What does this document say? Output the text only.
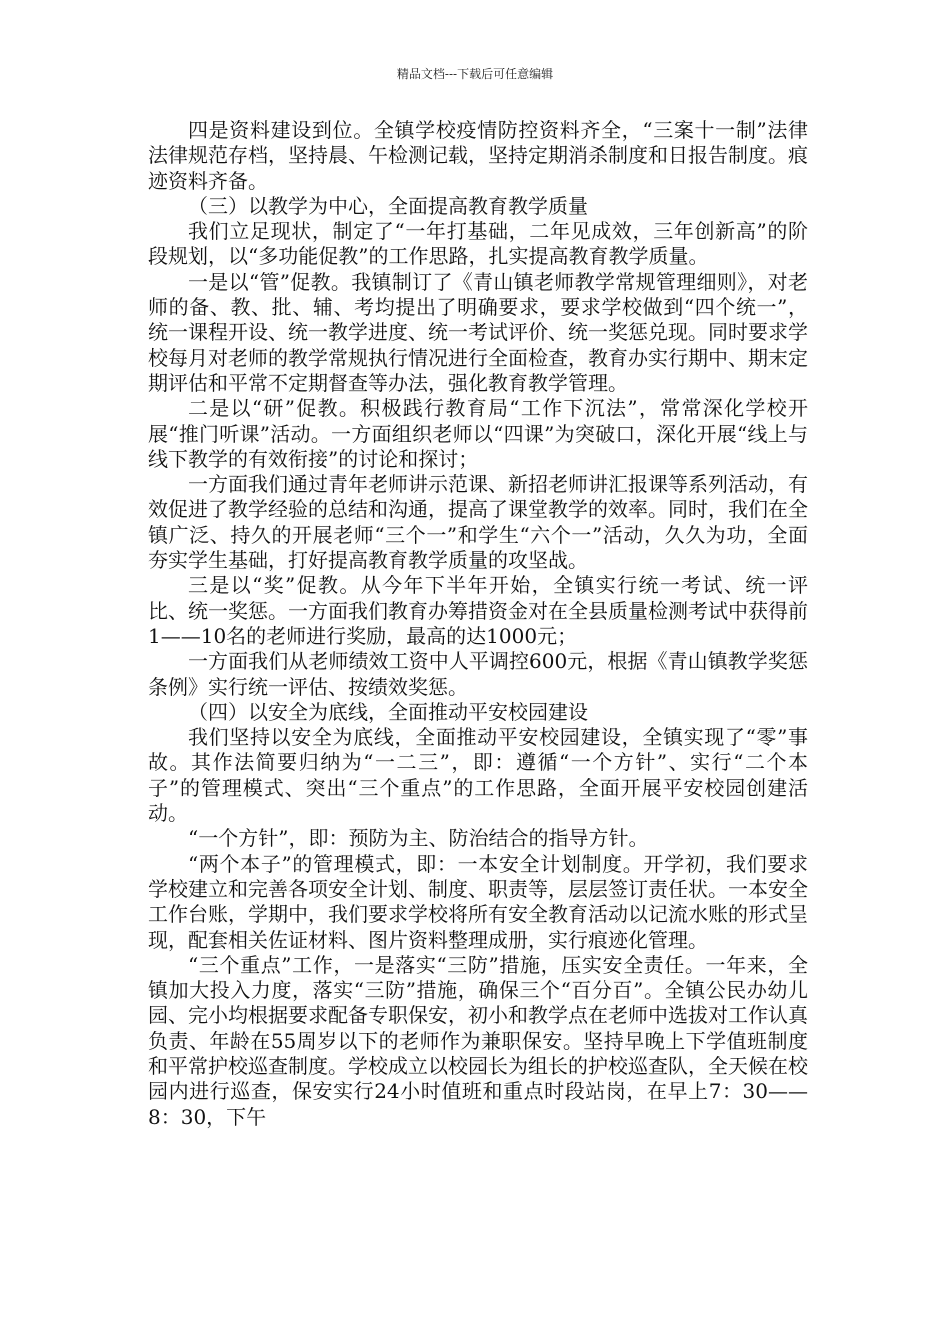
精品文档---下载后可任意编辑

四是资料建设到位。全镇学校疫情防控资料齐全，“三案十一制”法律法律规范存档，坚持晨、午检测记载，坚持定期消杀制度和日报告制度。痕迹资料齐备。

（三）以教学为中心，全面提高教育教学质量

我们立足现状，制定了“一年打基础，二年见成效，三年创新高”的阶段规划，以“多功能促教”的工作思路，扎实提高教育教学质量。

一是以“管”促教。我镇制订了《青山镇老师教学常规管理细则》，对老师的备、教、批、辅、考均提出了明确要求，要求学校做到“四个统一”，统一课程开设、统一教学进度、统一考试评价、统一奖惩兑现。同时要求学校每月对老师的教学常规执行情况进行全面检查，教育办实行期中、期末定期评估和平常不定期督查等办法，强化教育教学管理。

二是以“研”促教。积极践行教育局“工作下沉法”，常常深化学校开展“推门听课”活动。一方面组织老师以“四课”为突破口，深化开展“线上与线下教学的有效衔接”的讨论和探讨；

一方面我们通过青年老师讲示范课、新招老师讲汇报课等系列活动，有效促进了教学经验的总结和沟通，提高了课堂教学的效率。同时，我们在全镇广泛、持久的开展老师“三个一”和学生“六个一”活动，久久为功，全面夯实学生基础，打好提高教育教学质量的攻坚战。

三是以“奖”促教。从今年下半年开始，全镇实行统一考试、统一评比、统一奖惩。一方面我们教育办筹措资金对在全县质量检测考试中获得前1——10名的老师进行奖励，最高的达1000元；

一方面我们从老师绩效工资中人平调控600元，根据《青山镇教学奖惩条例》实行统一评估、按绩效奖惩。

（四）以安全为底线，全面推动平安校园建设

我们坚持以安全为底线，全面推动平安校园建设，全镇实现了“零”事故。其作法简要归纳为“一二三”，即：遵循“一个方针”、实行“二个本子”的管理模式、突出“三个重点”的工作思路，全面开展平安校园创建活动。

“一个方针”，即：预防为主、防治结合的指导方针。

“两个本子”的管理模式，即：一本安全计划制度。开学初，我们要求学校建立和完善各项安全计划、制度、职责等，层层签订责任状。一本安全工作台账，学期中，我们要求学校将所有安全教育活动以记流水账的形式呈现，配套相关佐证材料、图片资料整理成册，实行痕迹化管理。

“三个重点”工作，一是落实“三防”措施，压实安全责任。一年来，全镇加大投入力度，落实“三防”措施，确保三个“百分百”。全镇公民办幼儿园、完小均根据要求配备专职保安，初小和教学点在老师中选拔对工作认真负责、年龄在55周岁以下的老师作为兼职保安。坚持早晚上下学值班制度和平常护校巡查制度。学校成立以校园长为组长的护校巡查队，全天候在校园内进行巡查，保安实行24小时值班和重点时段站岗，在早上7：30——8：30，下午
